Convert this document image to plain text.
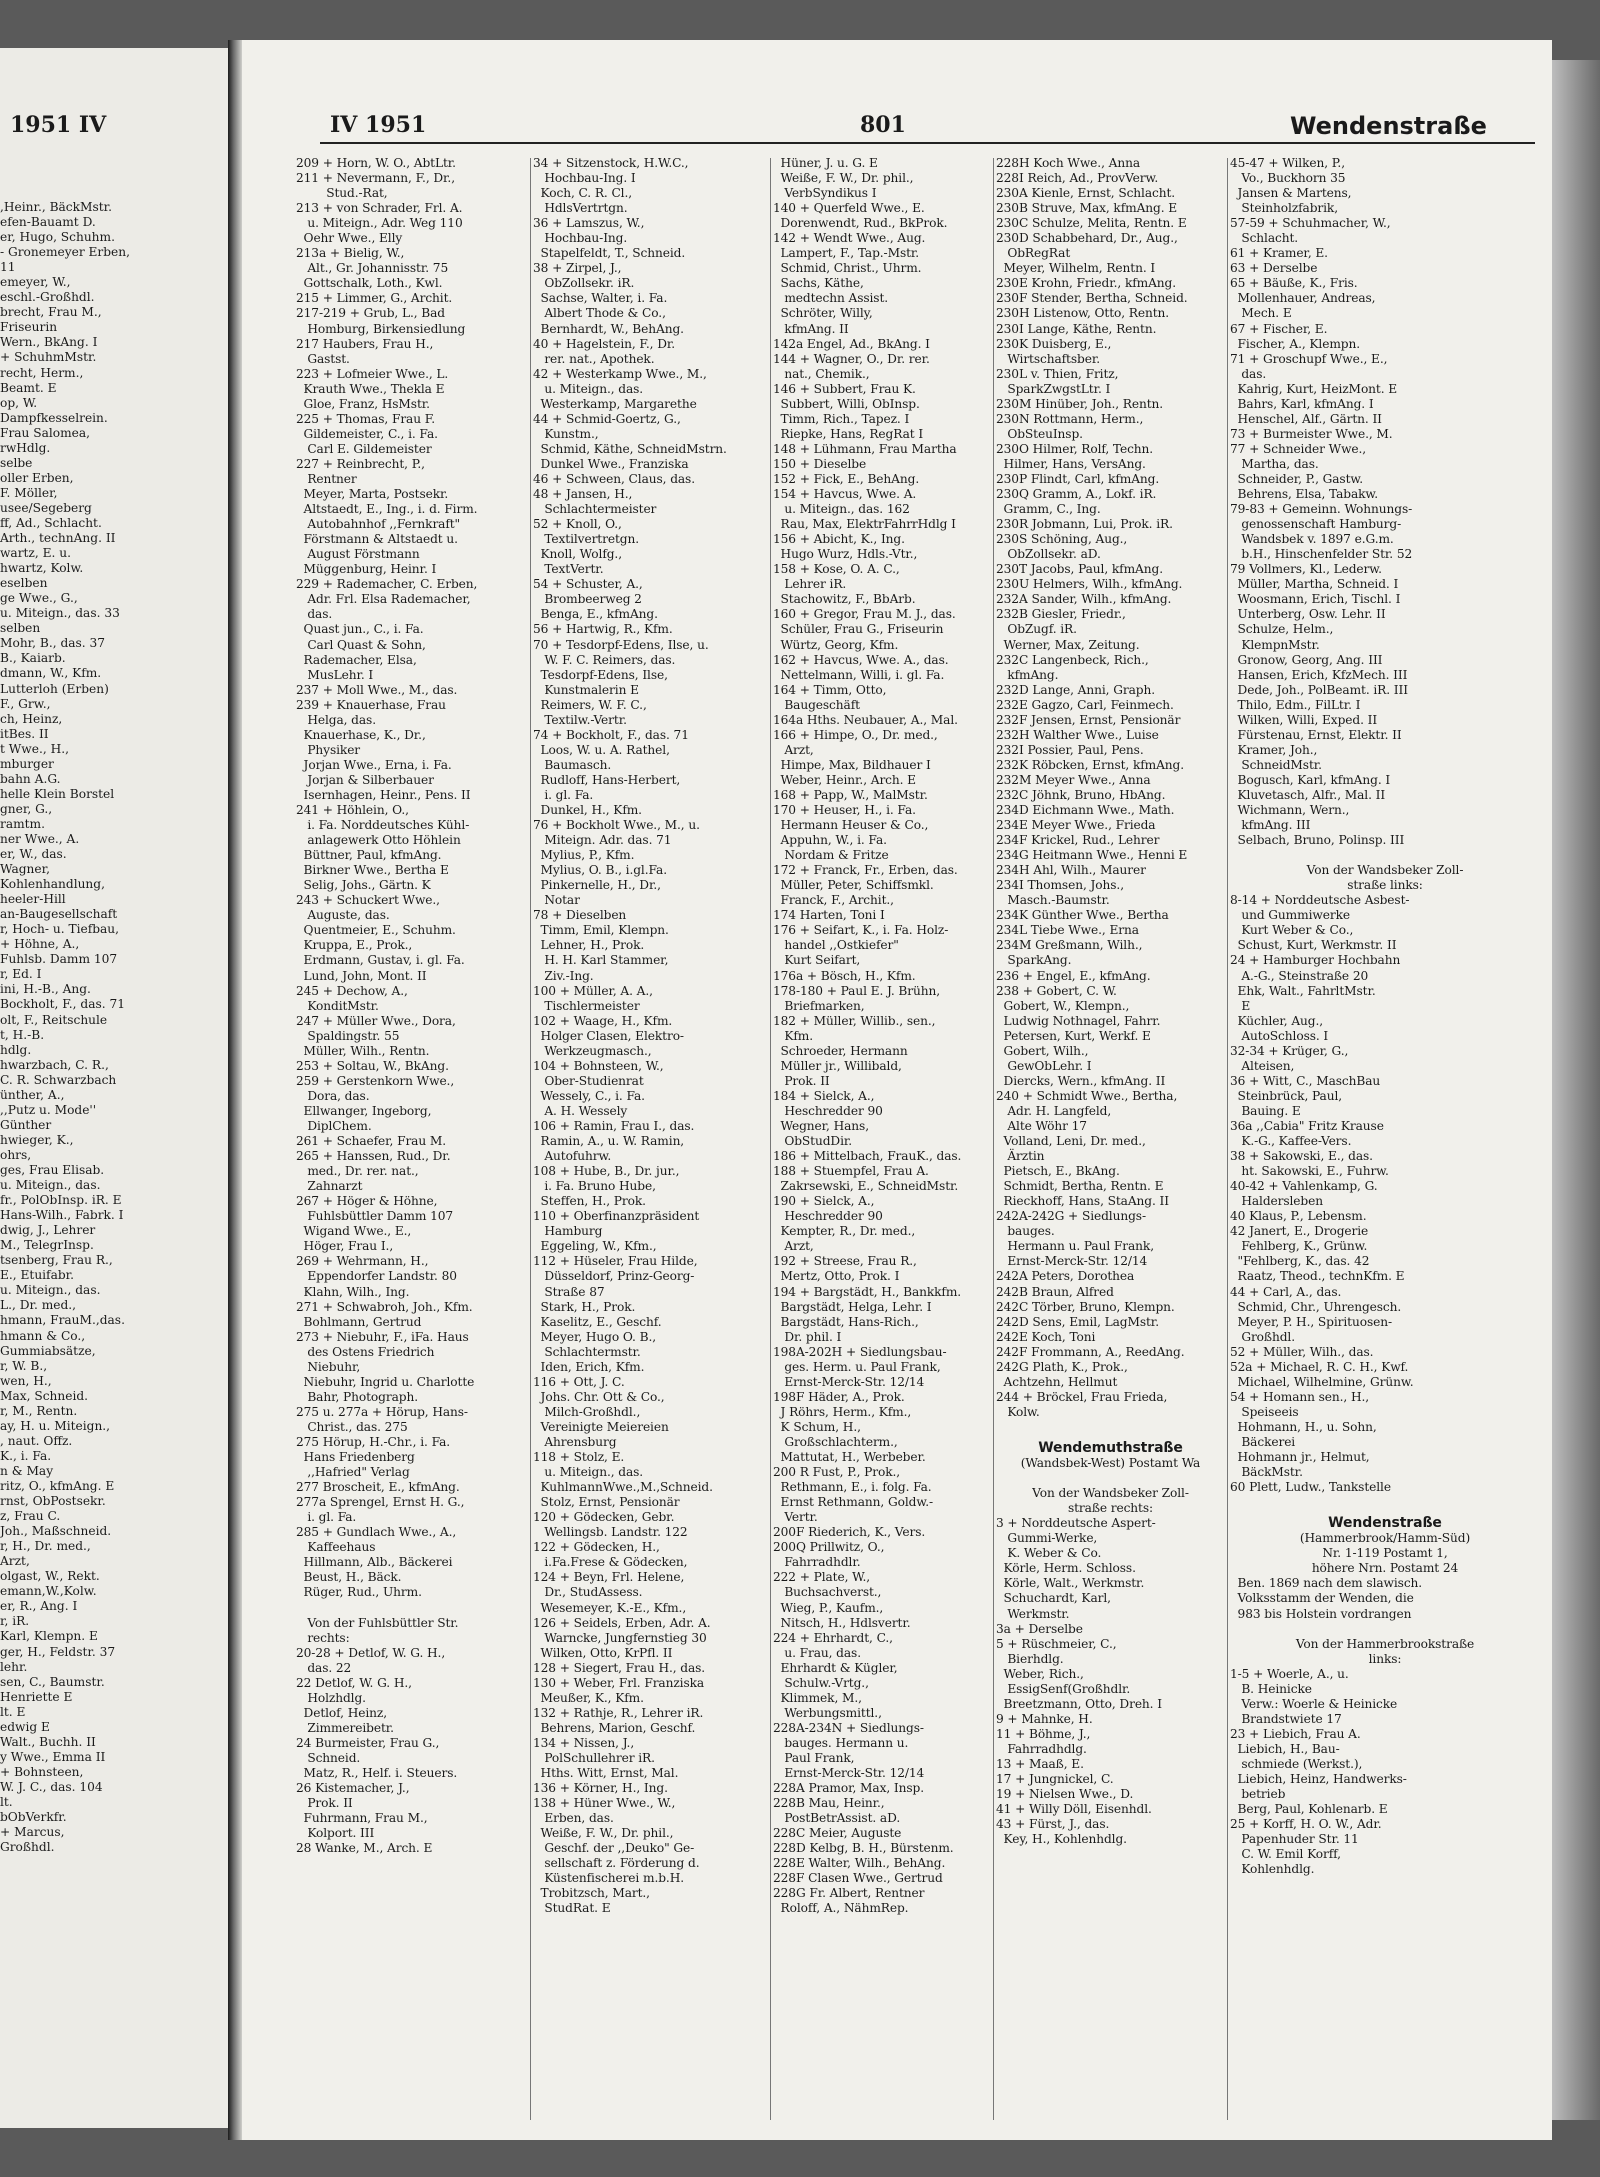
,Heinr., BäckMstr.
efen-Bauamt D.
er, Hugo, Schuhm.
- Gronemeyer Erben,
11
emeyer, W.,
eschl.-Großhdl.
brecht, Frau M.,
Friseurin
Wern., BkAng. I
+ SchuhmMstr.
recht, Herm.,
Beamt. E
op, W.
Dampfkesselrein.
Frau Salomea,
rwHdlg.
selbe
oller Erben,
F. Möller,
usee/Segeberg
ff, Ad., Schlacht.
Arth., technAng. II
wartz, E. u.
hwartz, Kolw.
eselben
ge Wwe., G.,
u. Miteign., das. 33
selben
Mohr, B., das. 37
B., Kaiarb.
dmann, W., Kfm.
Lutterloh (Erben)
F., Grw.,
ch, Heinz,
itBes. II
t Wwe., H.,
mburger
bahn A.G.
helle Klein Borstel
gner, G.,
ramtm.
ner Wwe., A.
er, W., das.
Wagner,
Kohlenhandlung,
heeler-Hill
an-Baugesellschaft
r, Hoch- u. Tiefbau,
+ Höhne, A.,
Fuhlsb. Damm 107
r, Ed. I
ini, H.-B., Ang.
Bockholt, F., das. 71
olt, F., Reitschule
t, H.-B.
hdlg.
hwarzbach, C. R.,
C. R. Schwarzbach
ünther, A.,
,,Putz u. Mode''
Günther
hwieger, K.,
ohrs,
ges, Frau Elisab.
u. Miteign., das.
fr., PolObInsp. iR. E
Hans-Wilh., Fabrk. I
dwig, J., Lehrer
M., TelegrInsp.
tsenberg, Frau R.,
E., Etuifabr.
u. Miteign., das.
L., Dr. med.,
hmann, FrauM.,das.
hmann & Co.,
Gummiabsätze,
r, W. B.,
wen, H.,
Max, Schneid.
r, M., Rentn.
ay, H. u. Miteign.,
, naut. Offz.
K., i. Fa.
n & May
ritz, O., kfmAng. E
rnst, ObPostsekr.
z, Frau C.
Joh., Maßschneid.
r, H., Dr. med.,
Arzt,
olgast, W., Rekt.
emann,W.,Kolw.
er, R., Ang. I
r, iR.
Karl, Klempn. E
ger, H., Feldstr. 37
lehr.
sen, C., Baumstr.
Henriette E
lt. E
edwig E
Walt., Buchh. II
y Wwe., Emma II
+ Bohnsteen,
W. J. C., das. 104
lt.
bObVerkfr.
+ Marcus,
Großhdl.
1951 IV	IV 1951	801	Wendenstraße
209 + Horn, W. O., AbtLtr.
211 + Nevermann, F., Dr.,
Stud.-Rat,
213 + von Schrader, Frl. A.
u. Miteign., Adr. Weg 110
Oehr Wwe., Elly
213a + Bielig, W.,
Alt., Gr. Johannisstr. 75
Gottschalk, Loth., Kwl.
215 + Limmer, G., Archit.
217-219 + Grub, L., Bad
Homburg, Birkensiedlung
217 Haubers, Frau H.,
Gastst.
223 + Lofmeier Wwe., L.
Krauth Wwe., Thekla E
Gloe, Franz, HsMstr.
225 + Thomas, Frau F.
Gildemeister, C., i. Fa.
Carl E. Gildemeister
227 + Reinbrecht, P.,
Rentner
Meyer, Marta, Postsekr.
Altstaedt, E., Ing., i. d. Firm.
Autobahnhof ,,Fernkraft"
Förstmann & Altstaedt u.
August Förstmann
Müggenburg, Heinr. I
229 + Rademacher, C. Erben,
Adr. Frl. Elsa Rademacher,
das.
Quast jun., C., i. Fa.
Carl Quast & Sohn,
Rademacher, Elsa,
MusLehr. I
237 + Moll Wwe., M., das.
239 + Knauerhase, Frau
Helga, das.
Knauerhase, K., Dr.,
Physiker
Jorjan Wwe., Erna, i. Fa.
Jorjan & Silberbauer
Isernhagen, Heinr., Pens. II
241 + Höhlein, O.,
i. Fa. Norddeutsches Kühl-
anlagewerk Otto Höhlein
Büttner, Paul, kfmAng.
Birkner Wwe., Bertha E
Selig, Johs., Gärtn. K
243 + Schuckert Wwe.,
Auguste, das.
Quentmeier, E., Schuhm.
Kruppa, E., Prok.,
Erdmann, Gustav, i. gl. Fa.
Lund, John, Mont. II
245 + Dechow, A.,
KonditMstr.
247 + Müller Wwe., Dora,
Spaldingstr. 55
Müller, Wilh., Rentn.
253 + Soltau, W., BkAng.
259 + Gerstenkorn Wwe.,
Dora, das.
Ellwanger, Ingeborg,
DiplChem.
261 + Schaefer, Frau M.
265 + Hanssen, Rud., Dr.
med., Dr. rer. nat.,
Zahnarzt
267 + Höger & Höhne,
Fuhlsbüttler Damm 107
Wigand Wwe., E.,
Höger, Frau I.,
269 + Wehrmann, H.,
Eppendorfer Landstr. 80
Klahn, Wilh., Ing.
271 + Schwabroh, Joh., Kfm.
Bohlmann, Gertrud
273 + Niebuhr, F., iFa. Haus
des Ostens Friedrich
Niebuhr,
Niebuhr, Ingrid u. Charlotte
Bahr, Photograph.
275 u. 277a + Hörup, Hans-
Christ., das. 275
275 Hörup, H.-Chr., i. Fa.
Hans Friedenberg
,,Hafried" Verlag
277 Broscheit, E., kfmAng.
277a Sprengel, Ernst H. G.,
i. gl. Fa.
285 + Gundlach Wwe., A.,
Kaffeehaus
Hillmann, Alb., Bäckerei
Beust, H., Bäck.
Rüger, Rud., Uhrm.
Von der Fuhlsbüttler Str.
rechts:
20-28 + Detlof, W. G. H.,
das. 22
22 Detlof, W. G. H.,
Holzhdlg.
Detlof, Heinz,
Zimmereibetr.
24 Burmeister, Frau G.,
Schneid.
Matz, R., Helf. i. Steuers.
26 Kistemacher, J.,
Prok. II
Fuhrmann, Frau M.,
Kolport. III
28 Wanke, M., Arch. E
34 + Sitzenstock, H.W.C.,
Hochbau-Ing. I
Koch, C. R. Cl.,
HdlsVertrtgn.
36 + Lamszus, W.,
Hochbau-Ing.
Stapelfeldt, T., Schneid.
38 + Zirpel, J.,
ObZollsekr. iR.
Sachse, Walter, i. Fa.
Albert Thode & Co.,
Bernhardt, W., BehAng.
40 + Hagelstein, F., Dr.
rer. nat., Apothek.
42 + Westerkamp Wwe., M.,
u. Miteign., das.
Westerkamp, Margarethe
44 + Schmid-Goertz, G.,
Kunstm.,
Schmid, Käthe, SchneidMstrn.
Dunkel Wwe., Franziska
46 + Schween, Claus, das.
48 + Jansen, H.,
Schlachtermeister
52 + Knoll, O.,
Textilvertretgn.
Knoll, Wolfg.,
TextVertr.
54 + Schuster, A.,
Brombeerweg 2
Benga, E., kfmAng.
56 + Hartwig, R., Kfm.
70 + Tesdorpf-Edens, Ilse, u.
W. F. C. Reimers, das.
Tesdorpf-Edens, Ilse,
Kunstmalerin E
Reimers, W. F. C.,
Textilw.-Vertr.
74 + Bockholt, F., das. 71
Loos, W. u. A. Rathel,
Baumasch.
Rudloff, Hans-Herbert,
i. gl. Fa.
Dunkel, H., Kfm.
76 + Bockholt Wwe., M., u.
Miteign. Adr. das. 71
Mylius, P., Kfm.
Mylius, O. B., i.gl.Fa.
Pinkernelle, H., Dr.,
Notar
78 + Dieselben
Timm, Emil, Klempn.
Lehner, H., Prok.
H. H. Karl Stammer,
Ziv.-Ing.
100 + Müller, A. A.,
Tischlermeister
102 + Waage, H., Kfm.
Holger Clasen, Elektro-
Werkzeugmasch.,
104 + Bohnsteen, W.,
Ober-Studienrat
Wessely, C., i. Fa.
A. H. Wessely
106 + Ramin, Frau I., das.
Ramin, A., u. W. Ramin,
Autofuhrw.
108 + Hube, B., Dr. jur.,
i. Fa. Bruno Hube,
Steffen, H., Prok.
110 + Oberfinanzpräsident
Hamburg
Eggeling, W., Kfm.,
112 + Hüseler, Frau Hilde,
Düsseldorf, Prinz-Georg-
Straße 87
Stark, H., Prok.
Kaselitz, E., Geschf.
Meyer, Hugo O. B.,
Schlachtermstr.
Iden, Erich, Kfm.
116 + Ott, J. C.
Johs. Chr. Ott & Co.,
Milch-Großhdl.,
Vereinigte Meiereien
Ahrensburg
118 + Stolz, E.
u. Miteign., das.
KuhlmannWwe.,M.,Schneid.
Stolz, Ernst, Pensionär
120 + Gödecken, Gebr.
Wellingsb. Landstr. 122
122 + Gödecken, H.,
i.Fa.Frese & Gödecken,
124 + Beyn, Frl. Helene,
Dr., StudAssess.
Wesemeyer, K.-E., Kfm.,
126 + Seidels, Erben, Adr. A.
Warncke, Jungfernstieg 30
Wilken, Otto, KrPfl. II
128 + Siegert, Frau H., das.
130 + Weber, Frl. Franziska
Meußer, K., Kfm.
132 + Rathje, R., Lehrer iR.
Behrens, Marion, Geschf.
134 + Nissen, J.,
PolSchullehrer iR.
Hths. Witt, Ernst, Mal.
136 + Körner, H., Ing.
138 + Hüner Wwe., W.,
Erben, das.
Weiße, F. W., Dr. phil.,
Geschf. der ,,Deuko" Ge-
sellschaft z. Förderung d.
Küstenfischerei m.b.H.
Trobitzsch, Mart.,
StudRat. E
Hüner, J. u. G. E
Weiße, F. W., Dr. phil.,
VerbSyndikus I
140 + Querfeld Wwe., E.
Dorenwendt, Rud., BkProk.
142 + Wendt Wwe., Aug.
Lampert, F., Tap.-Mstr.
Schmid, Christ., Uhrm.
Sachs, Käthe,
medtechn Assist.
Schröter, Willy,
kfmAng. II
142a Engel, Ad., BkAng. I
144 + Wagner, O., Dr. rer.
nat., Chemik.,
146 + Subbert, Frau K.
Subbert, Willi, ObInsp.
Timm, Rich., Tapez. I
Riepke, Hans, RegRat I
148 + Lühmann, Frau Martha
150 + Dieselbe
152 + Fick, E., BehAng.
154 + Havcus, Wwe. A.
u. Miteign., das. 162
Rau, Max, ElektrFahrrHdlg I
156 + Abicht, K., Ing.
Hugo Wurz, Hdls.-Vtr.,
158 + Kose, O. A. C.,
Lehrer iR.
Stachowitz, F., BbArb.
160 + Gregor, Frau M. J., das.
Schüler, Frau G., Friseurin
Würtz, Georg, Kfm.
162 + Havcus, Wwe. A., das.
Nettelmann, Willi, i. gl. Fa.
164 + Timm, Otto,
Baugeschäft
164a Hths. Neubauer, A., Mal.
166 + Himpe, O., Dr. med.,
Arzt,
Himpe, Max, Bildhauer I
Weber, Heinr., Arch. E
168 + Papp, W., MalMstr.
170 + Heuser, H., i. Fa.
Hermann Heuser & Co.,
Appuhn, W., i. Fa.
Nordam & Fritze
172 + Franck, Fr., Erben, das.
Müller, Peter, Schiffsmkl.
Franck, F., Archit.,
174 Harten, Toni I
176 + Seifart, K., i. Fa. Holz-
handel ,,Ostkiefer"
Kurt Seifart,
176a + Bösch, H., Kfm.
178-180 + Paul E. J. Brühn,
Briefmarken,
182 + Müller, Willib., sen.,
Kfm.
Schroeder, Hermann
Müller jr., Willibald,
Prok. II
184 + Sielck, A.,
Heschredder 90
Wegner, Hans,
ObStudDir.
186 + Mittelbach, FrauK., das.
188 + Stuempfel, Frau A.
Zakrsewski, E., SchneidMstr.
190 + Sielck, A.,
Heschredder 90
Kempter, R., Dr. med.,
Arzt,
192 + Streese, Frau R.,
Mertz, Otto, Prok. I
194 + Bargstädt, H., Bankkfm.
Bargstädt, Helga, Lehr. I
Bargstädt, Hans-Rich.,
Dr. phil. I
198A-202H + Siedlungsbau-
ges. Herm. u. Paul Frank,
Ernst-Merck-Str. 12/14
198F Häder, A., Prok.
J Röhrs, Herm., Kfm.,
K Schum, H.,
Großschlachterm.,
Mattutat, H., Werbeber.
200 R Fust, P., Prok.,
Rethmann, E., i. folg. Fa.
Ernst Rethmann, Goldw.-
Vertr.
200F Riederich, K., Vers.
200Q Prillwitz, O.,
Fahrradhdlr.
222 + Plate, W.,
Buchsachverst.,
Wieg, P., Kaufm.,
Nitsch, H., Hdlsvertr.
224 + Ehrhardt, C.,
u. Frau, das.
Ehrhardt & Kügler,
Schulw.-Vrtg.,
Klimmek, M.,
Werbungsmittl.,
228A-234N + Siedlungs-
bauges. Hermann u.
Paul Frank,
Ernst-Merck-Str. 12/14
228A Pramor, Max, Insp.
228B Mau, Heinr.,
PostBetrAssist. aD.
228C Meier, Auguste
228D Kelbg, B. H., Bürstenm.
228E Walter, Wilh., BehAng.
228F Clasen Wwe., Gertrud
228G Fr. Albert, Rentner
Roloff, A., NähmRep.
228H Koch Wwe., Anna
228I Reich, Ad., ProvVerw.
230A Kienle, Ernst, Schlacht.
230B Struve, Max, kfmAng. E
230C Schulze, Melita, Rentn. E
230D Schabbehard, Dr., Aug.,
ObRegRat
Meyer, Wilhelm, Rentn. I
230E Krohn, Friedr., kfmAng.
230F Stender, Bertha, Schneid.
230H Listenow, Otto, Rentn.
230I Lange, Käthe, Rentn.
230K Duisberg, E.,
Wirtschaftsber.
230L v. Thien, Fritz,
SparkZwgstLtr. I
230M Hinüber, Joh., Rentn.
230N Rottmann, Herm.,
ObSteuInsp.
230O Hilmer, Rolf, Techn.
Hilmer, Hans, VersAng.
230P Flindt, Carl, kfmAng.
230Q Gramm, A., Lokf. iR.
Gramm, C., Ing.
230R Jobmann, Lui, Prok. iR.
230S Schöning, Aug.,
ObZollsekr. aD.
230T Jacobs, Paul, kfmAng.
230U Helmers, Wilh., kfmAng.
232A Sander, Wilh., kfmAng.
232B Giesler, Friedr.,
ObZugf. iR.
Werner, Max, Zeitung.
232C Langenbeck, Rich.,
kfmAng.
232D Lange, Anni, Graph.
232E Gagzo, Carl, Feinmech.
232F Jensen, Ernst, Pensionär
232H Walther Wwe., Luise
232I Possier, Paul, Pens.
232K Röbcken, Ernst, kfmAng.
232M Meyer Wwe., Anna
232C Jöhnk, Bruno, HbAng.
234D Eichmann Wwe., Math.
234E Meyer Wwe., Frieda
234F Krickel, Rud., Lehrer
234G Heitmann Wwe., Henni E
234H Ahl, Wilh., Maurer
234I Thomsen, Johs.,
Masch.-Baumstr.
234K Günther Wwe., Bertha
234L Tiebe Wwe., Erna
234M Greßmann, Wilh.,
SparkAng.
236 + Engel, E., kfmAng.
238 + Gobert, C. W.
Gobert, W., Klempn.,
Ludwig Nothnagel, Fahrr.
Petersen, Kurt, Werkf. E
Gobert, Wilh.,
GewObLehr. I
Diercks, Wern., kfmAng. II
240 + Schmidt Wwe., Bertha,
Adr. H. Langfeld,
Alte Wöhr 17
Volland, Leni, Dr. med.,
Ärztin
Pietsch, E., BkAng.
Schmidt, Bertha, Rentn. E
Rieckhoff, Hans, StaAng. II
242A-242G + Siedlungs-
bauges.
Hermann u. Paul Frank,
Ernst-Merck-Str. 12/14
242A Peters, Dorothea
242B Braun, Alfred
242C Törber, Bruno, Klempn.
242D Sens, Emil, LagMstr.
242E Koch, Toni
242F Frommann, A., ReedAng.
242G Plath, K., Prok.,
Achtzehn, Hellmut
244 + Bröckel, Frau Frieda,
Kolw.
Wendemuthstraße
(Wandsbek-West) Postamt Wa
Von der Wandsbeker Zoll-
straße rechts:
3 + Norddeutsche Aspert-
Gummi-Werke,
K. Weber & Co.
Körle, Herm. Schloss.
Körle, Walt., Werkmstr.
Schuchardt, Karl,
Werkmstr.
3a + Derselbe
5 + Rüschmeier, C.,
Bierhdlg.
Weber, Rich.,
EssigSenf(Großhdlr.
Breetzmann, Otto, Dreh. I
9 + Mahnke, H.
11 + Böhme, J.,
Fahrradhdlg.
13 + Maaß, E.
17 + Jungnickel, C.
19 + Nielsen Wwe., D.
41 + Willy Döll, Eisenhdl.
43 + Fürst, J., das.
Key, H., Kohlenhdlg.
45-47 + Wilken, P.,
Vo., Buckhorn 35
Jansen & Martens,
Steinholzfabrik,
57-59 + Schuhmacher, W.,
Schlacht.
61 + Kramer, E.
63 + Derselbe
65 + Bäuße, K., Fris.
Mollenhauer, Andreas,
Mech. E
67 + Fischer, E.
Fischer, A., Klempn.
71 + Groschupf Wwe., E.,
das.
Kahrig, Kurt, HeizMont. E
Bahrs, Karl, kfmAng. I
Henschel, Alf., Gärtn. II
73 + Burmeister Wwe., M.
77 + Schneider Wwe.,
Martha, das.
Schneider, P., Gastw.
Behrens, Elsa, Tabakw.
79-83 + Gemeinn. Wohnungs-
genossenschaft Hamburg-
Wandsbek v. 1897 e.G.m.
b.H., Hinschenfelder Str. 52
79 Vollmers, Kl., Lederw.
Müller, Martha, Schneid. I
Woosmann, Erich, Tischl. I
Unterberg, Osw. Lehr. II
Schulze, Helm.,
KlempnMstr.
Gronow, Georg, Ang. III
Hansen, Erich, KfzMech. III
Dede, Joh., PolBeamt. iR. III
Thilo, Edm., FilLtr. I
Wilken, Willi, Exped. II
Fürstenau, Ernst, Elektr. II
Kramer, Joh.,
SchneidMstr.
Bogusch, Karl, kfmAng. I
Kluvetasch, Alfr., Mal. II
Wichmann, Wern.,
kfmAng. III
Selbach, Bruno, Polinsp. III
Von der Wandsbeker Zoll-
straße links:
8-14 + Norddeutsche Asbest-
und Gummiwerke
Kurt Weber & Co.,
Schust, Kurt, Werkmstr. II
24 + Hamburger Hochbahn
A.-G., Steinstraße 20
Ehk, Walt., FahrltMstr.
E
Küchler, Aug.,
AutoSchloss. I
32-34 + Krüger, G.,
Alteisen,
36 + Witt, C., MaschBau
Steinbrück, Paul,
Bauing. E
36a ,,Cabia" Fritz Krause
K.-G., Kaffee-Vers.
38 + Sakowski, E., das.
ht. Sakowski, E., Fuhrw.
40-42 + Vahlenkamp, G.
Haldersleben
40 Klaus, P., Lebensm.
42 Janert, E., Drogerie
Fehlberg, K., Grünw.
"Fehlberg, K., das. 42
Raatz, Theod., technKfm. E
44 + Carl, A., das.
Schmid, Chr., Uhrengesch.
Meyer, P. H., Spirituosen-
Großhdl.
52 + Müller, Wilh., das.
52a + Michael, R. C. H., Kwf.
Michael, Wilhelmine, Grünw.
54 + Homann sen., H.,
Speiseeis
Hohmann, H., u. Sohn,
Bäckerei
Hohmann jr., Helmut,
BäckMstr.
60 Plett, Ludw., Tankstelle
Wendenstraße
(Hammerbrook/Hamm-Süd)
Nr. 1-119 Postamt 1,
höhere Nrn. Postamt 24
Ben. 1869 nach dem slawisch.
Volksstamm der Wenden, die
983 bis Holstein vordrangen
Von der Hammerbrookstraße
links:
1-5 + Woerle, A., u.
B. Heinicke
Verw.: Woerle & Heinicke
Brandstwiete 17
23 + Liebich, Frau A.
Liebich, H., Bau-
schmiede (Werkst.),
Liebich, Heinz, Handwerks-
betrieb
Berg, Paul, Kohlenarb. E
25 + Korff, H. O. W., Adr.
Papenhuder Str. 11
C. W. Emil Korff,
Kohlenhdlg.
